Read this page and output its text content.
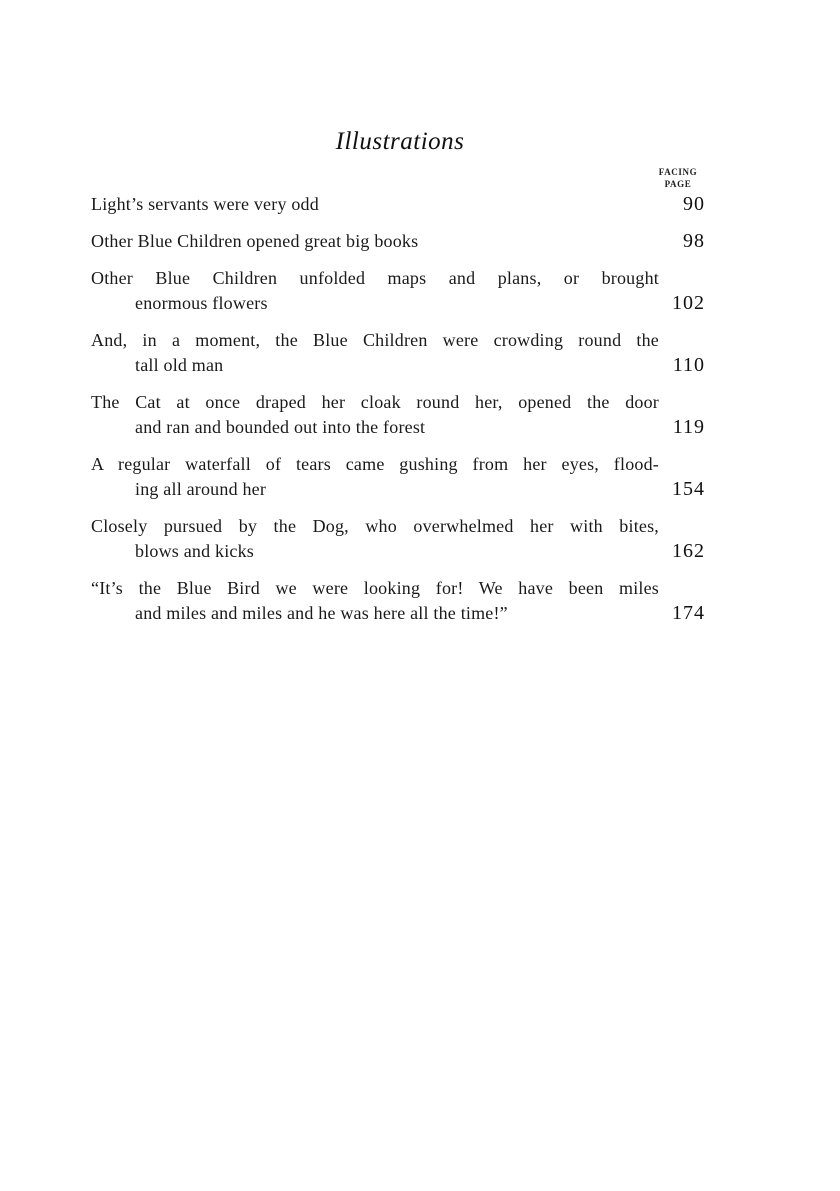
Illustrations
FACING
PAGE
Light’s servants were very odd	90
Other Blue Children opened great big books	98
Other Blue Children unfolded maps and plans, or brought
enormous flowers	102
And, in a moment, the Blue Children were crowding round the
tall old man	110
The Cat at once draped her cloak round her, opened the door
and ran and bounded out into the forest	119
A regular waterfall of tears came gushing from her eyes, flood-
ing all around her	154
Closely pursued by the Dog, who overwhelmed her with bites,
blows and kicks	162
“It’s the Blue Bird we were looking for! We have been miles
and miles and miles and he was here all the time!”	174
